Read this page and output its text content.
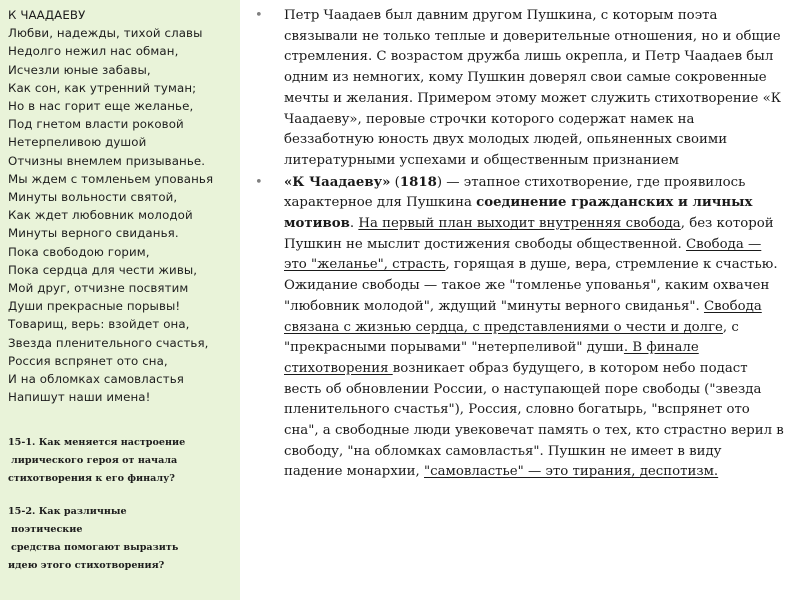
К ЧААДАЕВУ
Любви, надежды, тихой славы
Недолго нежил нас обман,
Исчезли юные забавы,
Как сон, как утренний туман;
Но в нас горит еще желанье,
Под гнетом власти роковой
Нетерпеливою душой
Отчизны внемлем призыванье.
Мы ждем с томленьем упованья
Минуты вольности святой,
Как ждет любовник молодой
Минуты верного свиданья.
Пока свободою горим,
Пока сердца для чести живы,
Мой друг, отчизне посвятим
Души прекрасные порывы!
Товарищ, верь: взойдет она,
Звезда пленительного счастья,
Россия вспрянет ото сна,
И на обломках самовластья
Напишут наши имена!
15-1. Как меняется настроение
лирического героя от начала
стихотворения к его финалу?
15-2. Как различные
поэтические
средства помогают выразить
идею этого стихотворения?

• Петр Чаадаев был давним другом Пушкина, с которым поэта связывали не только теплые и доверительные отношения, но и общие стремления. С возрастом дружба лишь окрепла, и Петр Чаадаев был одним из немногих, кому Пушкин доверял свои самые сокровенные мечты и желания. Примером этому может служить стихотворение «К Чаадаеву», перовые строчки которого содержат намек на беззаботную юность двух молодых людей, опьяненных своими литературными успехами и общественным признанием

• «К Чаадаеву» (1818) — этапное стихотворение, где проявилось характерное для Пушкина соединение гражданских и личных мотивов. На первый план выходит внутренняя свобода, без которой Пушкин не мыслит достижения свободы общественной. Свобода — это "желанье", страсть, горящая в душе, вера, стремление к счастью. Ожидание свободы — такое же "томленье упованья", каким охвачен "любовник молодой", ждущий "минуты верного свиданья". Свобода связана с жизнью сердца, с представлениями о чести и долге, с "прекрасными порывами" "нетерпеливой" души. В финале стихотворения возникает образ будущего, в котором небо подаст весть об обновлении России, о наступающей поре свободы ("звезда пленительного счастья"), Россия, словно богатырь, "вспрянет ото сна", а свободные люди увековечат память о тех, кто страстно верил в свободу, "на обломках самовластья". Пушкин не имеет в виду падение монархии, "самовластье" — это тирания, деспотизм.
